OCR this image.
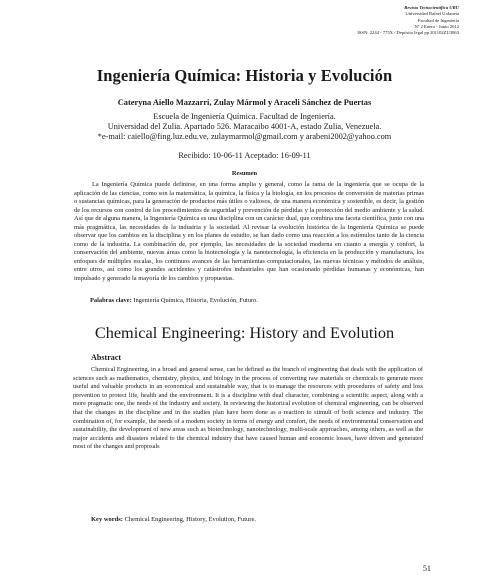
Revista Tecnocientífica URU
Universidad Rafael Urdaneta
Facultad de Ingeniería
Nº 2 Enero - Junio 2012
ISSN: 2244 - 775X / Depósito legal pp 201102ZU3863
Ingeniería Química: Historia y Evolución
Cateryna Aiello Mazzarri, Zulay Mármol y Araceli Sánchez de Puertas
Escuela de Ingeniería Química. Facultad de Ingeniería.
Universidad del Zulia. Apartado 526. Maracaibo 4001-A, estado Zulia, Venezuela.
*e-mail: caiello@fing.luz.edu.ve, zulaymarmol@gmail.com y arabeni2002@yahoo.com
Recibido: 10-06-11 Aceptado: 16-09-11
Resumen

La Ingeniería Química puede definirse, en una forma amplia y general, como la rama de la ingeniería que se ocupa de la aplicación de las ciencias, como son la matemática, la química, la física y la biología, en los procesos de conversión de materias primas o sustancias químicas, para la generación de productos más útiles o valiosos, de una manera económica y sostenible, es decir, la gestión de los recursos con control de los procedimientos de seguridad y prevención de pérdidas y la protección del medio ambiente y la salud. Así que de alguna manera, la Ingeniería Química es una disciplina con un carácter dual, que combina una faceta científica, junto con una más pragmática, las necesidades de la industria y la sociedad. Al revisar la evolución histórica de la Ingeniería Química se puede observar que los cambios en la disciplina y en los planes de estudio, se han dado como una reacción a los estímulos tanto de la ciencia como de la industria. La combinación de, por ejemplo, las necesidades de la sociedad moderna en cuanto a energía y confort, la conservación del ambiente, nuevas áreas como la biotecnología y la nanotecnología, la eficiencia en la producción y manufactura, los enfoques de múltiples escalas, los continuos avances de las herramientas computacionales, las nuevas técnicas y métodos de análisis, entre otros, así como los grandes accidentes y catástrofes industriales que han ocasionado pérdidas humanas y económicas, han impulsado y generado la mayoría de los cambios y propuestas.

Palabras clave: Ingeniería Química, Historia, Evolución, Futuro.
Chemical Engineering: History and Evolution
Abstract

Chemical Engineering, in a broad and general sense, can be defined as the branch of engineering that deals with the application of sciences such as mathematics, chemistry, physics, and biology in the process of converting raw materials or chemicals to generate more useful and valuable products in an economical and sustainable way, that is to manage the resources with procedures of safety and loss prevention to protect life, health and the environment. It is a discipline with dual character, combining a scientific aspect, along with a more pragmatic one, the needs of the industry and society. In reviewing the historical evolution of chemical engineering, can be observed that the changes in the discipline and in the studies plan have been done as a reaction to stimuli of both science and industry. The combination of, for example, the needs of a modern society in terms of energy and comfort, the needs of environmental conservation and sustainability, the development of new areas such as biotechnology, nanotechnology, multi-scale approaches, among others, as well as the major accidents and disasters related to the chemical industry that have caused human and economic losses, have driven and generated most of the changes and proposals

Key words: Chemical Engineering, History, Evolution, Future.
51
